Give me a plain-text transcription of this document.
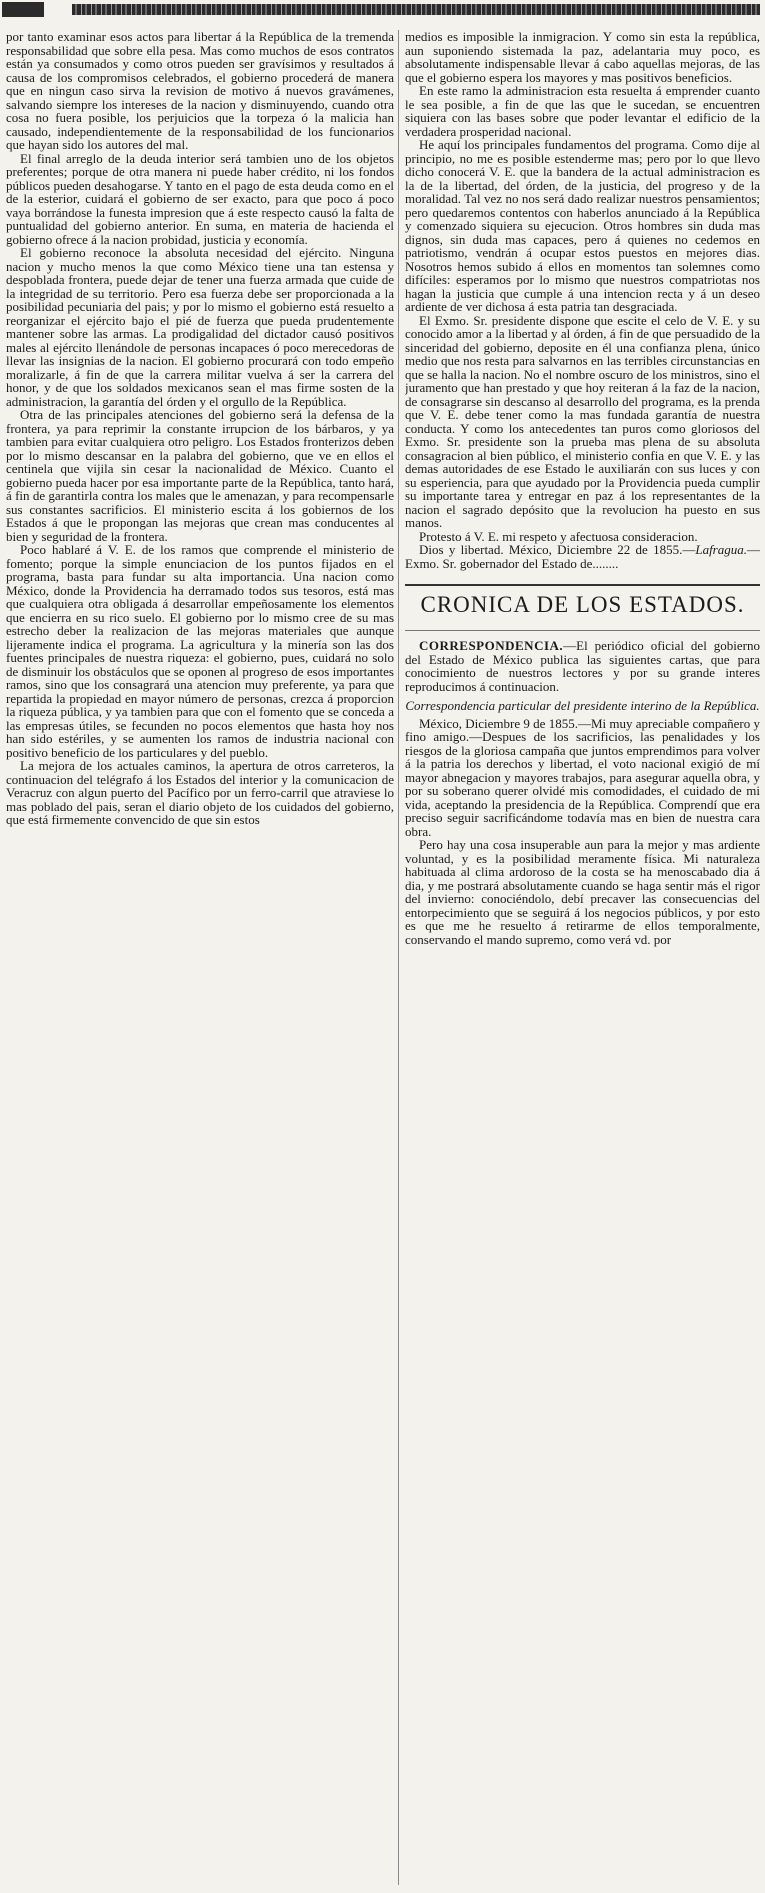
por tanto examinar esos actos para libertar á la República de la tremenda responsabilidad que sobre ella pesa. Mas como muchos de esos contratos están ya consumados y como otros pueden ser gravísimos y resultados á causa de los compromisos celebrados, el gobierno procederá de manera que en ningun caso sirva la revision de motivo á nuevos gravámenes, salvando siempre los intereses de la nacion y disminuyendo, cuando otra cosa no fuera posible, los perjuicios que la torpeza ó la malicia han causado, independientemente de la responsabilidad de los funcionarios que hayan sido los autores del mal.

El final arreglo de la deuda interior será tambien uno de los objetos preferentes; porque de otra manera ni puede haber crédito, ni los fondos públicos pueden desahogarse. Y tanto en el pago de esta deuda como en el de la esterior, cuidará el gobierno de ser exacto, para que poco á poco vaya borrándose la funesta impresion que á este respecto causó la falta de puntualidad del gobierno anterior. En suma, en materia de hacienda el gobierno ofrece á la nacion probidad, justicia y economía.

El gobierno reconoce la absoluta necesidad del ejército. Ninguna nacion y mucho menos la que como México tiene una tan estensa y despoblada frontera, puede dejar de tener una fuerza armada que cuide de la integridad de su territorio. Pero esa fuerza debe ser proporcionada a la posibilidad pecuniaria del pais; y por lo mismo el gobierno está resuelto a reorganizar el ejército bajo el pié de fuerza que pueda prudentemente mantener sobre las armas. La prodigalidad del dictador causó positivos males al ejército llenándole de personas incapaces ó poco merecedoras de llevar las insignias de la nacion. El gobierno procurará con todo empeño moralizarle, á fin de que la carrera militar vuelva á ser la carrera del honor, y de que los soldados mexicanos sean el mas firme sosten de la administracion, la garantía del órden y el orgullo de la República.

Otra de las principales atenciones del gobierno será la defensa de la frontera, ya para reprimir la constante irrupcion de los bárbaros, y ya tambien para evitar cualquiera otro peligro. Los Estados fronterizos deben por lo mismo descansar en la palabra del gobierno, que ve en ellos el centinela que vijila sin cesar la nacionalidad de México. Cuanto el gobierno pueda hacer por esa importante parte de la República, tanto hará, á fin de garantirla contra los males que le amenazan, y para recompensarle sus constantes sacrificios. El ministerio escita á los gobiernos de los Estados á que le propongan las mejoras que crean mas conducentes al bien y seguridad de la frontera.

Poco hablaré á V. E. de los ramos que comprende el ministerio de fomento; porque la simple enunciacion de los puntos fijados en el programa, basta para fundar su alta importancia. Una nacion como México, donde la Providencia ha derramado todos sus tesoros, está mas que cualquiera otra obligada á desarrollar empeñosamente los elementos que encierra en su rico suelo. El gobierno por lo mismo cree de su mas estrecho deber la realizacion de las mejoras materiales que aunque lijeramente indica el programa. La agricultura y la minería son las dos fuentes principales de nuestra riqueza: el gobierno, pues, cuidará no solo de disminuir los obstáculos que se oponen al progreso de esos importantes ramos, sino que los consagrará una atencion muy preferente, ya para que repartida la propiedad en mayor número de personas, crezca á proporcion la riqueza pública, y ya tambien para que con el fomento que se conceda a las empresas útiles, se fecunden no pocos elementos que hasta hoy nos han sido estériles, y se aumenten los ramos de industria nacional con positivo beneficio de los particulares y del pueblo.

La mejora de los actuales caminos, la apertura de otros carreteros, la continuacion del telégrafo á los Estados del interior y la comunicacion de Veracruz con algun puerto del Pacífico por un ferro-carril que atraviese lo mas poblado del pais, seran el diario objeto de los cuidados del gobierno, que está firmemente convencido de que sin estos

medios es imposible la inmigracion. Y como sin esta la república, aun suponiendo sistemada la paz, adelantaria muy poco, es absolutamente indispensable llevar á cabo aquellas mejoras, de las que el gobierno espera los mayores y mas positivos beneficios.

En este ramo la administracion esta resuelta á emprender cuanto le sea posible, a fin de que las que le sucedan, se encuentren siquiera con las bases sobre que poder levantar el edificio de la verdadera prosperidad nacional.

He aquí los principales fundamentos del programa. Como dije al principio, no me es posible estenderme mas; pero por lo que llevo dicho conocerá V. E. que la bandera de la actual administracion es la de la libertad, del órden, de la justicia, del progreso y de la moralidad. Tal vez no nos será dado realizar nuestros pensamientos; pero quedaremos contentos con haberlos anunciado á la República y comenzado siquiera su ejecucion. Otros hombres sin duda mas dignos, sin duda mas capaces, pero á quienes no cedemos en patriotismo, vendrán á ocupar estos puestos en mejores dias. Nosotros hemos subido á ellos en momentos tan solemnes como difíciles: esperamos por lo mismo que nuestros compatriotas nos hagan la justicia que cumple á una intencion recta y á un deseo ardiente de ver dichosa á esta patria tan desgraciada.

El Exmo. Sr. presidente dispone que escite el celo de V. E. y su conocido amor a la libertad y al órden, á fin de que persuadido de la sinceridad del gobierno, deposite en él una confianza plena, único medio que nos resta para salvarnos en las terribles circunstancias en que se halla la nacion. No el nombre oscuro de los ministros, sino el juramento que han prestado y que hoy reiteran á la faz de la nacion, de consagrarse sin descanso al desarrollo del programa, es la prenda que V. E. debe tener como la mas fundada garantía de nuestra conducta. Y como los antecedentes tan puros como gloriosos del Exmo. Sr. presidente son la prueba mas plena de su absoluta consagracion al bien público, el ministerio confia en que V. E. y las demas autoridades de ese Estado le auxiliarán con sus luces y con su esperiencia, para que ayudado por la Providencia pueda cumplir su importante tarea y entregar en paz á los representantes de la nacion el sagrado depósito que la revolucion ha puesto en sus manos.

Protesto á V. E. mi respeto y afectuosa consideracion.

Dios y libertad. México, Diciembre 22 de 1855.—Lafragua.—Exmo. Sr. gobernador del Estado de........

CRONICA DE LOS ESTADOS.

CORRESPONDENCIA.—El periódico oficial del gobierno del Estado de México publica las siguientes cartas, que para conocimiento de nuestros lectores y por su grande interes reproducimos á continuacion.

Correspondencia particular del presidente interino de la República.

México, Diciembre 9 de 1855.—Mi muy apreciable compañero y fino amigo.—Despues de los sacrificios, las penalidades y los riesgos de la gloriosa campaña que juntos emprendimos para volver á la patria los derechos y libertad, el voto nacional exigió de mí mayor abnegacion y mayores trabajos, para asegurar aquella obra, y por su soberano querer olvidé mis comodidades, el cuidado de mi vida, aceptando la presidencia de la República. Comprendí que era preciso seguir sacrificándome todavía mas en bien de nuestra cara obra.

Pero hay una cosa insuperable aun para la mejor y mas ardiente voluntad, y es la posibilidad meramente física. Mi naturaleza habituada al clima ardoroso de la costa se ha menoscabado dia á dia, y me postrará absolutamente cuando se haga sentir más el rigor del invierno: conociéndolo, debí precaver las consecuencias del entorpecimiento que se seguirá á los negocios públicos, y por esto es que me he resuelto á retirarme de ellos temporalmente, conservando el mando supremo, como verá vd. por
